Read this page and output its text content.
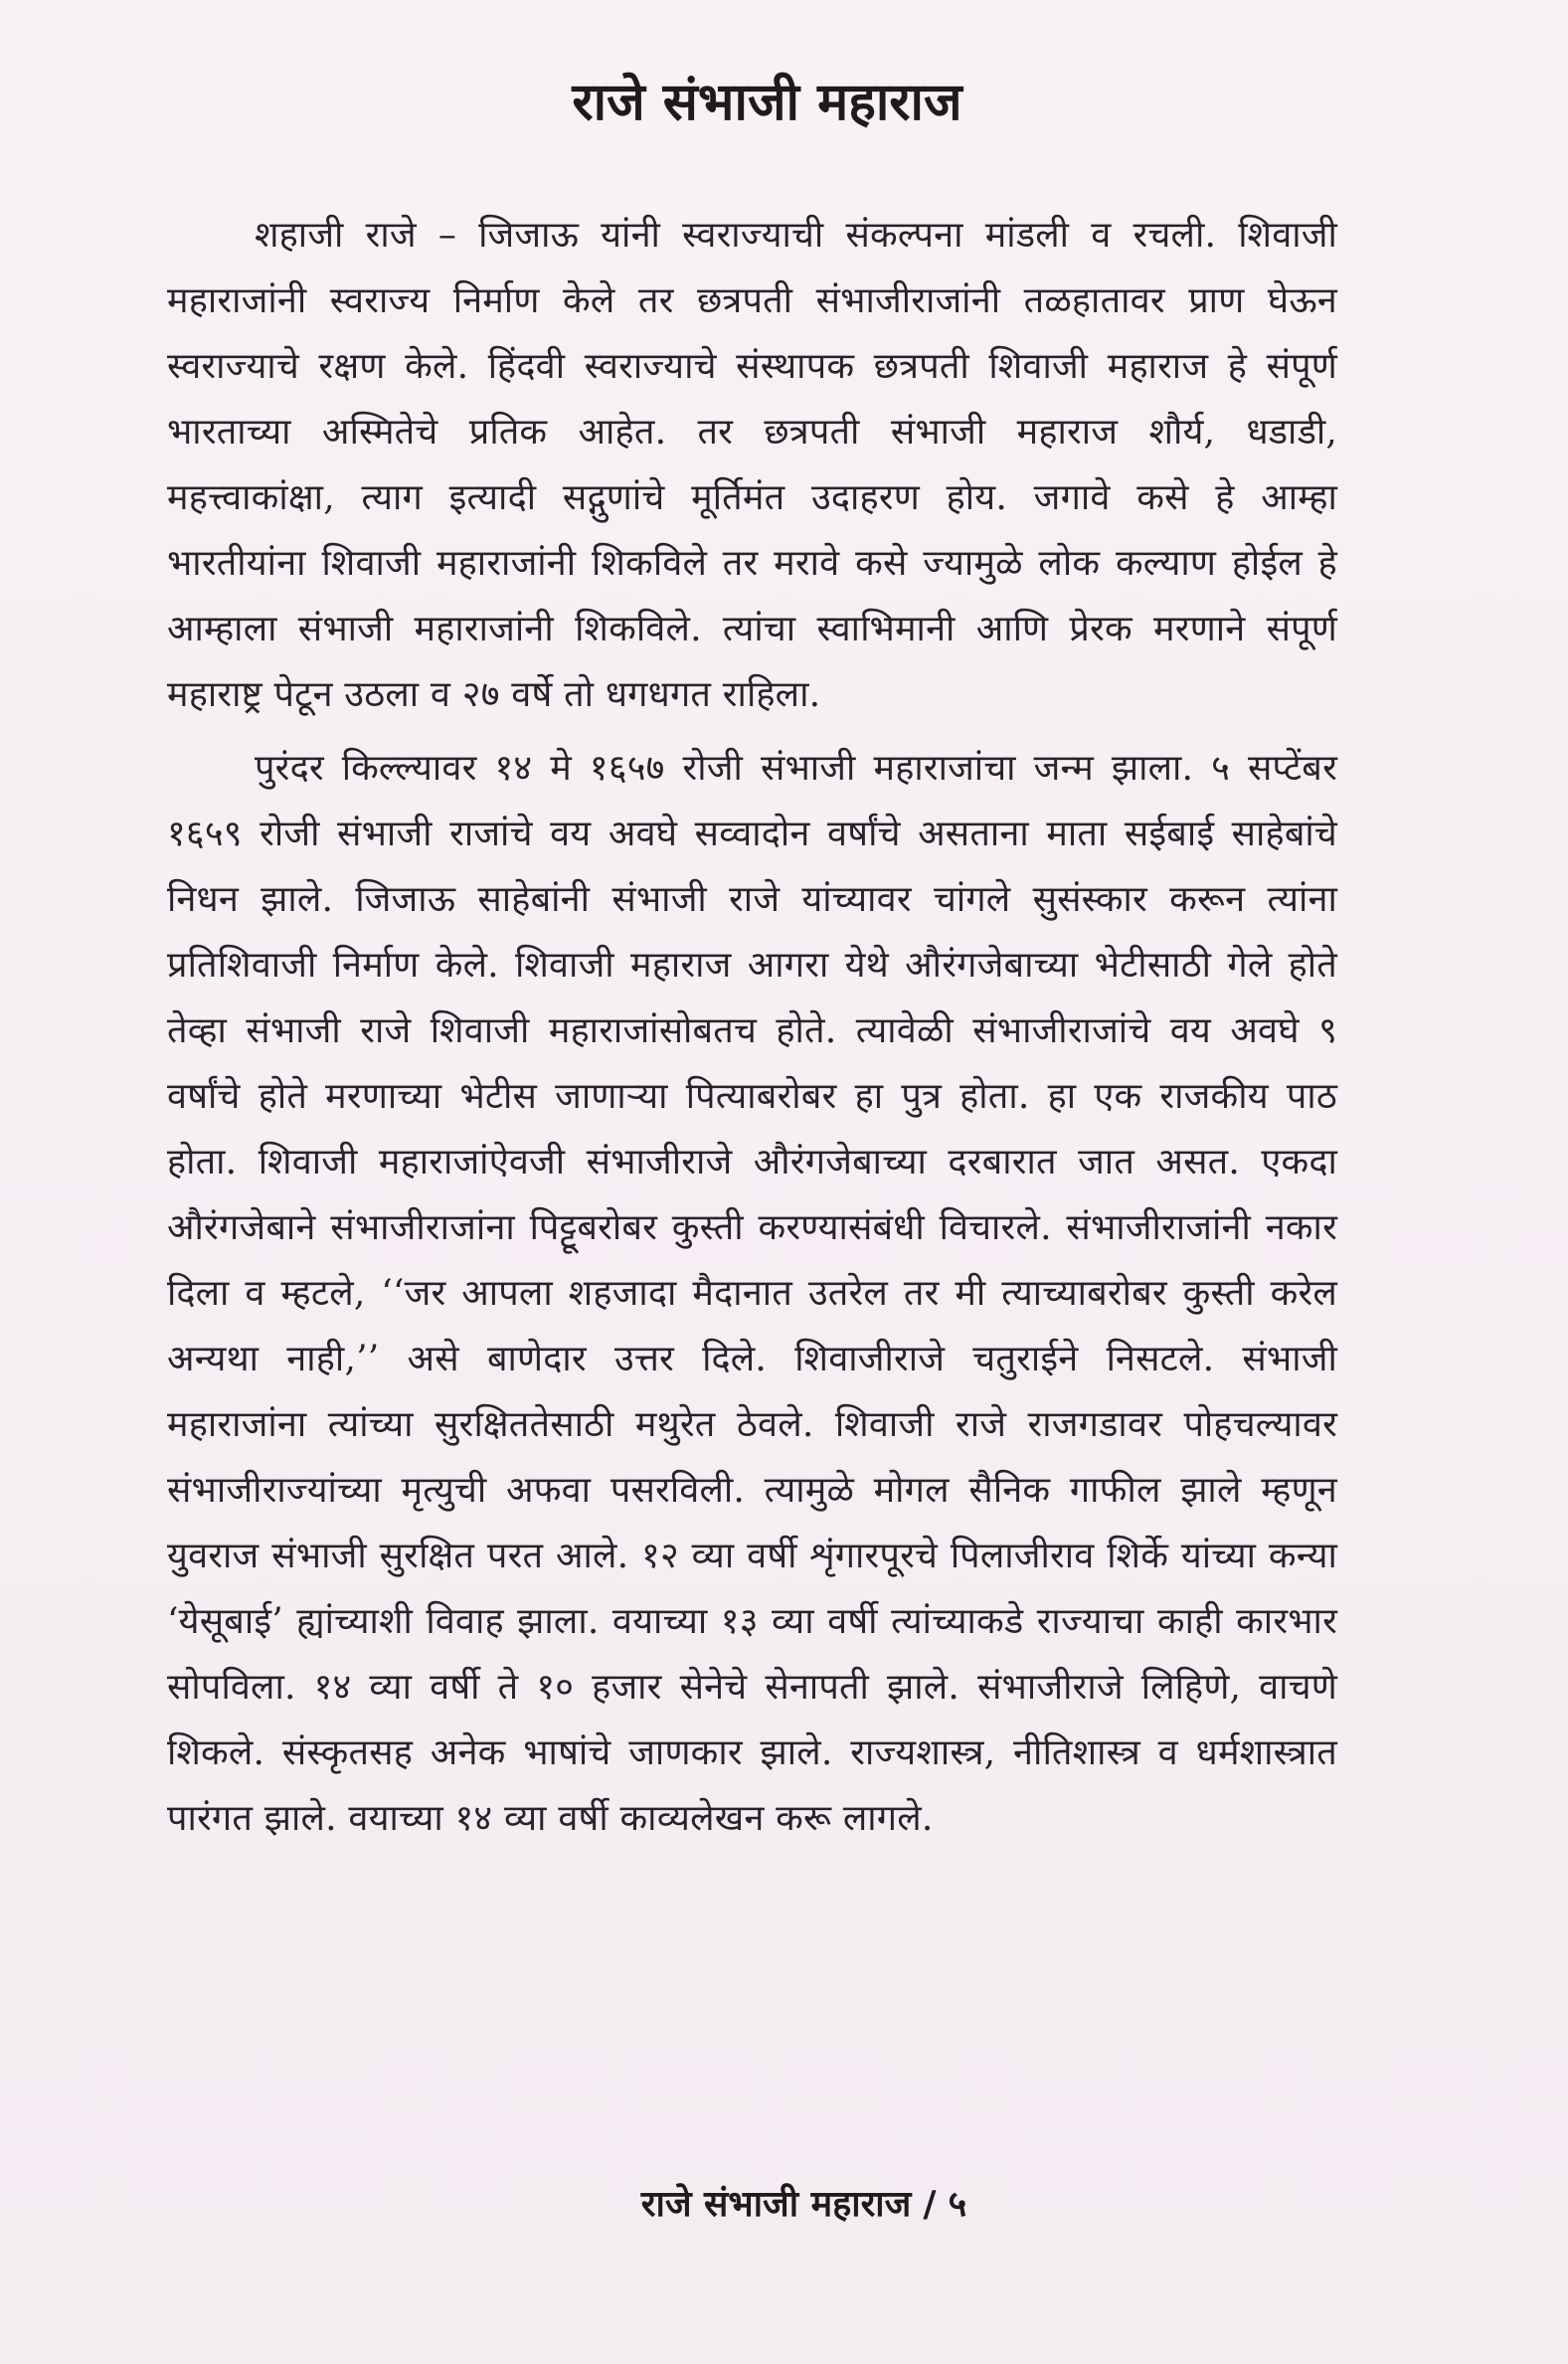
राजे संभाजी महाराज

शहाजी राजे – जिजाऊ यांनी स्वराज्याची संकल्पना मांडली व रचली. शिवाजी महाराजांनी स्वराज्य निर्माण केले तर छत्रपती संभाजीराजांनी तळहातावर प्राण घेऊन स्वराज्याचे रक्षण केले. हिंदवी स्वराज्याचे संस्थापक छत्रपती शिवाजी महाराज हे संपूर्ण भारताच्या अस्मितेचे प्रतिक आहेत. तर छत्रपती संभाजी महाराज शौर्य, धडाडी, महत्त्वाकांक्षा, त्याग इत्यादी सद्गुणांचे मूर्तिमंत उदाहरण होय. जगावे कसे हे आम्हा भारतीयांना शिवाजी महाराजांनी शिकविले तर मरावे कसे ज्यामुळे लोक कल्याण होईल हे आम्हाला संभाजी महाराजांनी शिकविले. त्यांचा स्वाभिमानी आणि प्रेरक मरणाने संपूर्ण महाराष्ट्र पेटून उठला व २७ वर्षे तो धगधगत राहिला.

पुरंदर किल्ल्यावर १४ मे १६५७ रोजी संभाजी महाराजांचा जन्म झाला. ५ सप्टेंबर १६५९ रोजी संभाजी राजांचे वय अवघे सव्वादोन वर्षांचे असताना माता सईबाई साहेबांचे निधन झाले. जिजाऊ साहेबांनी संभाजी राजे यांच्यावर चांगले सुसंस्कार करून त्यांना प्रतिशिवाजी निर्माण केले. शिवाजी महाराज आगरा येथे औरंगजेबाच्या भेटीसाठी गेले होते तेव्हा संभाजी राजे शिवाजी महाराजांसोबतच होते. त्यावेळी संभाजीराजांचे वय अवघे ९ वर्षांचे होते मरणाच्या भेटीस जाणाऱ्या पित्याबरोबर हा पुत्र होता. हा एक राजकीय पाठ होता. शिवाजी महाराजांऐवजी संभाजीराजे औरंगजेबाच्या दरबारात जात असत. एकदा औरंगजेबाने संभाजीराजांना पिट्टूबरोबर कुस्ती करण्यासंबंधी विचारले. संभाजीराजांनी नकार दिला व म्हटले, ‘‘जर आपला शहजादा मैदानात उतरेल तर मी त्याच्याबरोबर कुस्ती करेल अन्यथा नाही,’’ असे बाणेदार उत्तर दिले. शिवाजीराजे चतुराईने निसटले. संभाजी महाराजांना त्यांच्या सुरक्षिततेसाठी मथुरेत ठेवले. शिवाजी राजे राजगडावर पोहचल्यावर संभाजीराज्यांच्या मृत्युची अफवा पसरविली. त्यामुळे मोगल सैनिक गाफील झाले म्हणून युवराज संभाजी सुरक्षित परत आले. १२ व्या वर्षी शृंगारपूरचे पिलाजीराव शिर्के यांच्या कन्या ‘येसूबाई’ ह्यांच्याशी विवाह झाला. वयाच्या १३ व्या वर्षी त्यांच्याकडे राज्याचा काही कारभार सोपविला. १४ व्या वर्षी ते १० हजार सेनेचे सेनापती झाले. संभाजीराजे लिहिणे, वाचणे शिकले. संस्कृतसह अनेक भाषांचे जाणकार झाले. राज्यशास्त्र, नीतिशास्त्र व धर्मशास्त्रात पारंगत झाले. वयाच्या १४ व्या वर्षी काव्यलेखन करू लागले.

राजे संभाजी महाराज / ५
